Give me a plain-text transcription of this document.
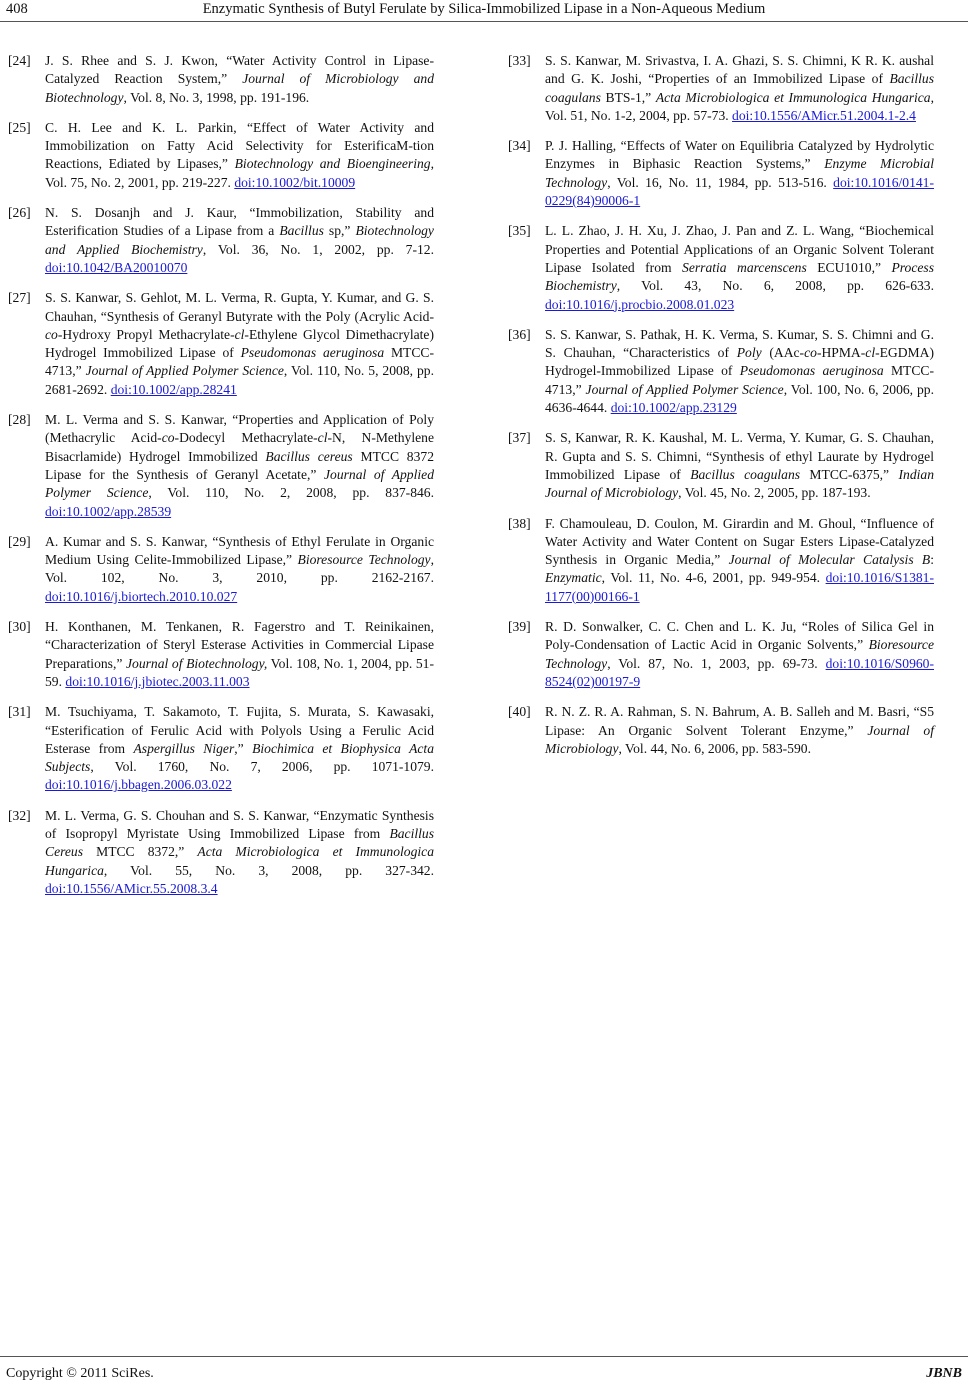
408	Enzymatic Synthesis of Butyl Ferulate by Silica-Immobilized Lipase in a Non-Aqueous Medium
[24] J. S. Rhee and S. J. Kwon, “Water Activity Control in Lipase-Catalyzed Reaction System,” Journal of Microbiology and Biotechnology, Vol. 8, No. 3, 1998, pp. 191-196.
[25] C. H. Lee and K. L. Parkin, “Effect of Water Activity and Immobilization on Fatty Acid Selectivity for EsterificaM-tion Reactions, Ediated by Lipases,” Biotechnology and Bioengineering, Vol. 75, No. 2, 2001, pp. 219-227. doi:10.1002/bit.10009
[26] N. S. Dosanjh and J. Kaur, “Immobilization, Stability and Esterification Studies of a Lipase from a Bacillus sp,” Biotechnology and Applied Biochemistry, Vol. 36, No. 1, 2002, pp. 7-12. doi:10.1042/BA20010070
[27] S. S. Kanwar, S. Gehlot, M. L. Verma, R. Gupta, Y. Kumar, and G. S. Chauhan, “Synthesis of Geranyl Butyrate with the Poly (Acrylic Acid-co-Hydroxy Propyl Methacrylate-cl-Ethylene Glycol Dimethacrylate) Hydrogel Immobilized Lipase of Pseudomonas aeruginosa MTCC-4713,” Journal of Applied Polymer Science, Vol. 110, No. 5, 2008, pp. 2681-2692. doi:10.1002/app.28241
[28] M. L. Verma and S. S. Kanwar, “Properties and Application of Poly (Methacrylic Acid-co-Dodecyl Methacrylate-cl-N, N-Methylene Bisacrlamide) Hydrogel Immobilized Bacillus cereus MTCC 8372 Lipase for the Synthesis of Geranyl Acetate,” Journal of Applied Polymer Science, Vol. 110, No. 2, 2008, pp. 837-846. doi:10.1002/app.28539
[29] A. Kumar and S. S. Kanwar, “Synthesis of Ethyl Ferulate in Organic Medium Using Celite-Immobilized Lipase,” Bioresource Technology, Vol. 102, No. 3, 2010, pp. 2162-2167. doi:10.1016/j.biortech.2010.10.027
[30] H. Konthanen, M. Tenkanen, R. Fagerstro and T. Reinikainen, “Characterization of Steryl Esterase Activities in Commercial Lipase Preparations,” Journal of Biotechnology, Vol. 108, No. 1, 2004, pp. 51-59. doi:10.1016/j.jbiotec.2003.11.003
[31] M. Tsuchiyama, T. Sakamoto, T. Fujita, S. Murata, S. Kawasaki, “Esterification of Ferulic Acid with Polyols Using a Ferulic Acid Esterase from Aspergillus Niger,” Biochimica et Biophysica Acta Subjects, Vol. 1760, No. 7, 2006, pp. 1071-1079. doi:10.1016/j.bbagen.2006.03.022
[32] M. L. Verma, G. S. Chouhan and S. S. Kanwar, “Enzymatic Synthesis of Isopropyl Myristate Using Immobilized Lipase from Bacillus Cereus MTCC 8372,” Acta Microbiologica et Immunologica Hungarica, Vol. 55, No. 3, 2008, pp. 327-342. doi:10.1556/AMicr.55.2008.3.4
[33] S. S. Kanwar, M. Srivastva, I. A. Ghazi, S. S. Chimni, K R. K. aushal and G. K. Joshi, “Properties of an Immobilized Lipase of Bacillus coagulans BTS-1,” Acta Microbiologica et Immunologica Hungarica, Vol. 51, No. 1-2, 2004, pp. 57-73. doi:10.1556/AMicr.51.2004.1-2.4
[34] P. J. Halling, “Effects of Water on Equilibria Catalyzed by Hydrolytic Enzymes in Biphasic Reaction Systems,” Enzyme Microbial Technology, Vol. 16, No. 11, 1984, pp. 513-516. doi:10.1016/0141-0229(84)90006-1
[35] L. L. Zhao, J. H. Xu, J. Zhao, J. Pan and Z. L. Wang, “Biochemical Properties and Potential Applications of an Organic Solvent Tolerant Lipase Isolated from Serratia marcenscens ECU1010,” Process Biochemistry, Vol. 43, No. 6, 2008, pp. 626-633. doi:10.1016/j.procbio.2008.01.023
[36] S. S. Kanwar, S. Pathak, H. K. Verma, S. Kumar, S. S. Chimni and G. S. Chauhan, “Characteristics of Poly (AAc-co-HPMA-cl-EGDMA) Hydrogel-Immobilized Lipase of Pseudomonas aeruginosa MTCC-4713,” Journal of Applied Polymer Science, Vol. 100, No. 6, 2006, pp. 4636-4644. doi:10.1002/app.23129
[37] S. S, Kanwar, R. K. Kaushal, M. L. Verma, Y. Kumar, G. S. Chauhan, R. Gupta and S. S. Chimni, “Synthesis of ethyl Laurate by Hydrogel Immobilized Lipase of Bacillus coagulans MTCC-6375,” Indian Journal of Microbiology, Vol. 45, No. 2, 2005, pp. 187-193.
[38] F. Chamouleau, D. Coulon, M. Girardin and M. Ghoul, “Influence of Water Activity and Water Content on Sugar Esters Lipase-Catalyzed Synthesis in Organic Media,” Journal of Molecular Catalysis B: Enzymatic, Vol. 11, No. 4-6, 2001, pp. 949-954. doi:10.1016/S1381-1177(00)00166-1
[39] R. D. Sonwalker, C. C. Chen and L. K. Ju, “Roles of Silica Gel in Poly-Condensation of Lactic Acid in Organic Solvents,” Bioresource Technology, Vol. 87, No. 1, 2003, pp. 69-73. doi:10.1016/S0960-8524(02)00197-9
[40] R. N. Z. R. A. Rahman, S. N. Bahrum, A. B. Salleh and M. Basri, “S5 Lipase: An Organic Solvent Tolerant Enzyme,” Journal of Microbiology, Vol. 44, No. 6, 2006, pp. 583-590.
Copyright © 2011 SciRes.	JBNB
